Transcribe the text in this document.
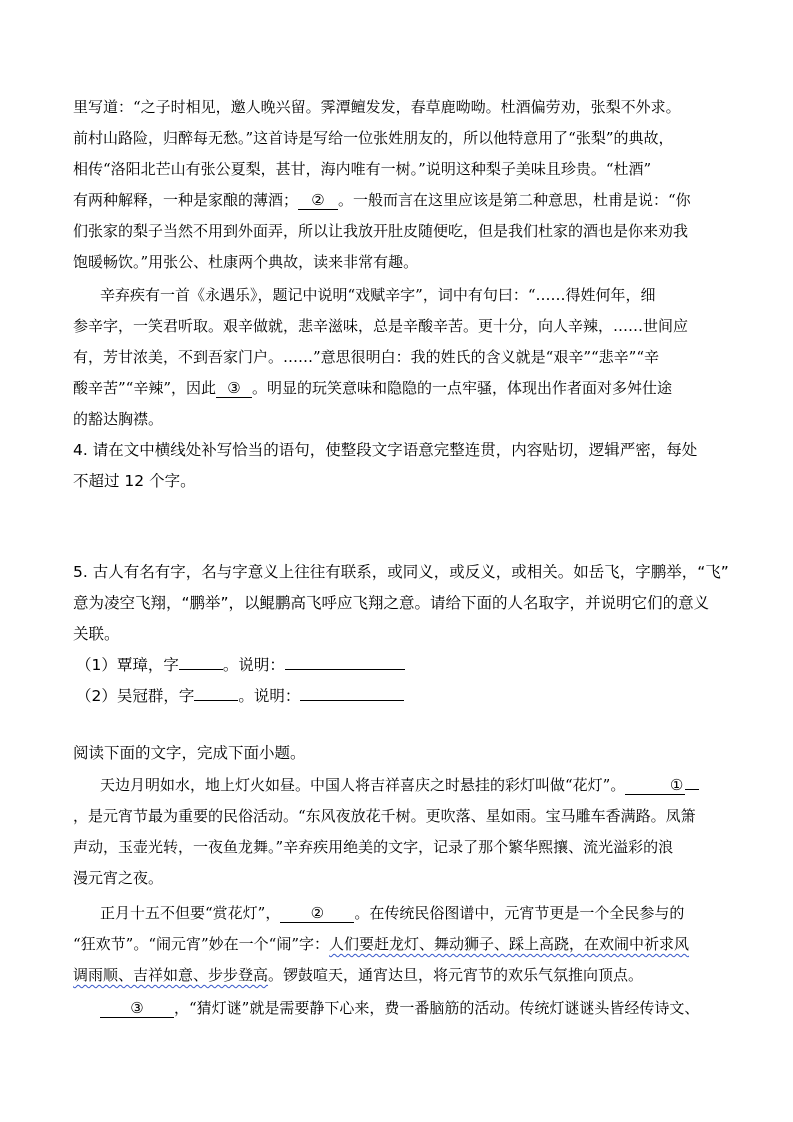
里写道：“之子时相见，邀人晚兴留。霁潭鳣发发，春草鹿呦呦。杜酒偏劳劝，张梨不外求。
前村山路险，归醉每无愁。”这首诗是写给一位张姓朋友的，所以他特意用了“张梨”的典故，
相传“洛阳北芒山有张公夏梨，甚甘，海内唯有一树。”说明这种梨子美味且珍贵。“杜酒”
有两种解释，一种是家酿的薄酒； ② 。一般而言在这里应该是第二种意思，杜甫是说：“你
们张家的梨子当然不用到外面弄，所以让我放开肚皮随便吃，但是我们杜家的酒也是你来劝我
饱暖畅饮。”用张公、杜康两个典故，读来非常有趣。
辛弃疾有一首《永遇乐》，题记中说明“戏赋辛字”，词中有句曰：“……得姓何年，细
参辛字，一笑君听取。艰辛做就，悲辛滋味，总是辛酸辛苦。更十分，向人辛辣，……世间应
有，芳甘浓美，不到吾家门户。……”意思很明白：我的姓氏的含义就是“艰辛”“悲辛”“辛
酸辛苦”“辛辣”，因此 ③ 。明显的玩笑意味和隐隐的一点牢骚，体现出作者面对多舛仕途
的豁达胸襟。
4. 请在文中横线处补写恰当的语句，使整段文字语意完整连贯，内容贴切，逻辑严密，每处
不超过 12 个字。
5. 古人有名有字，名与字意义上往往有联系，或同义，或反义，或相关。如岳飞，字鹏举，“飞”
意为凌空飞翔，“鹏举”，以鲲鹏高飞呼应飞翔之意。请给下面的人名取字，并说明它们的意义
关联。
（1）覃璋，字	。说明：
（2）吴冠群，字	。说明：
阅读下面的文字，完成下面小题。
天边月明如水，地上灯火如昼。中国人将吉祥喜庆之时悬挂的彩灯叫做“花灯”。	①
，是元宵节最为重要的民俗活动。“东风夜放花千树。更吹落、星如雨。宝马雕车香满路。凤箫
声动，玉壶光转，一夜鱼龙舞。”辛弃疾用绝美的文字，记录了那个繁华熙攘、流光溢彩的浪
漫元宵之夜。
正月十五不但要“赏花灯”， ② 。在传统民俗图谱中，元宵节更是一个全民参与的
“狂欢节”。“闹元宵”妙在一个“闹”字：人们要赶龙灯、舞动狮子、踩上高跷，在欢闹中祈求风
调雨顺、吉祥如意、步步登高。锣鼓喧天，通宵达旦，将元宵节的欢乐气氛推向顶点。
③ ，“猜灯谜”就是需要静下心来，费一番脑筋的活动。传统灯谜谜头皆经传诗文、
